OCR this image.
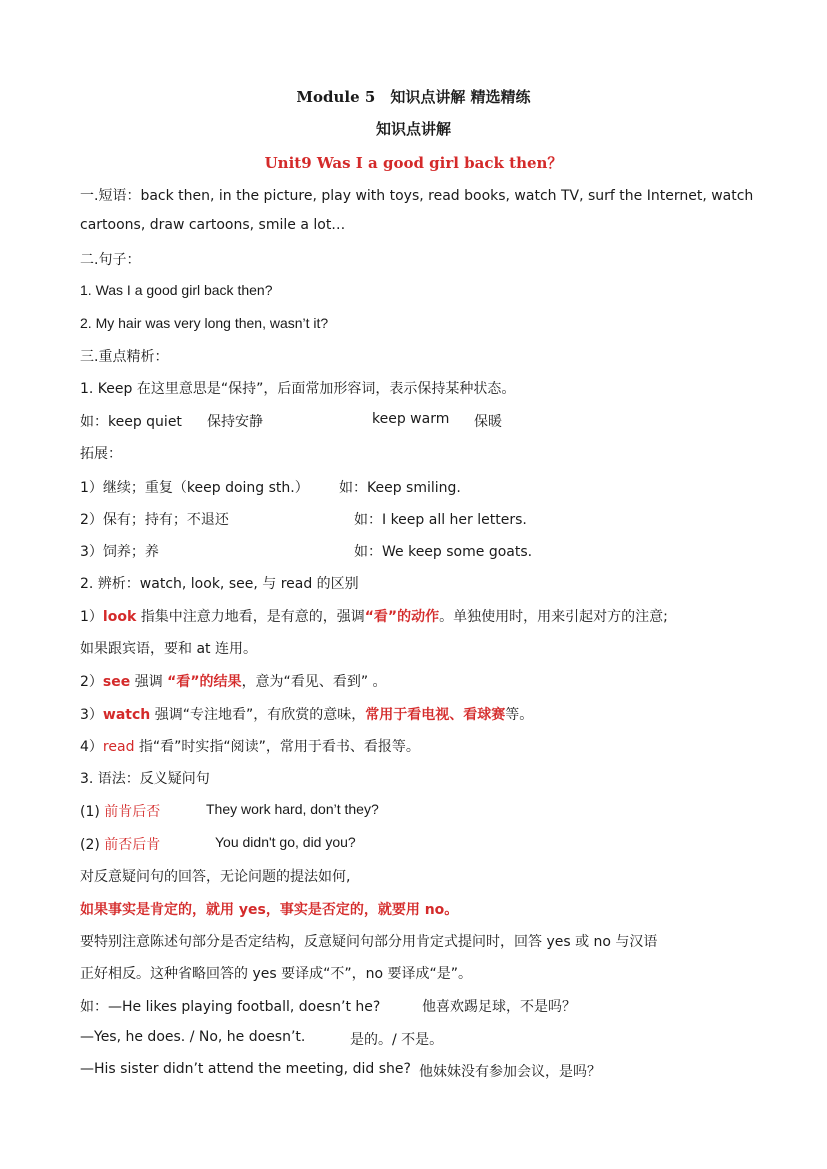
Module 5　知识点讲解 精选精练
知识点讲解
Unit9 Was I a good girl back then？
一.短语：back then, in the picture, play with toys, read books, watch TV, surf the Internet, watch
cartoons, draw cartoons, smile a lot…
二.句子：
1. Was I a good girl back then?
2. My hair was very long then, wasn’t it?
三.重点精析：
1. Keep 在这里意思是“保持”，后面常加形容词，表示保持某种状态。
如：keep quiet 保持安静	keep warm 保暖
拓展：
1）继续；重复（keep doing sth.） 如：Keep smiling.
2）保有；持有；不退还	如：I keep all her letters.
3）饲养；养	如：We keep some goats.
2. 辨析：watch, look, see, 与 read 的区别
1）look 指集中注意力地看，是有意的，强调“看”的动作。单独使用时，用来引起对方的注意;
如果跟宾语，要和 at 连用。
2）see 强调 “看”的结果，意为“看见、看到” 。
3）watch 强调“专注地看”，有欣赏的意味，常用于看电视、看球赛等。
4）read 指“看”时实指“阅读”，常用于看书、看报等。
3. 语法：反义疑问句
(1) 前肯后否	They work hard, don’t they?
(2) 前否后肯	You didn't go, did you?
对反意疑问句的回答，无论问题的提法如何,
如果事实是肯定的，就用 yes，事实是否定的，就要用 no。
要特别注意陈述句部分是否定结构，反意疑问句部分用肯定式提问时，回答 yes 或 no 与汉语
正好相反。这种省略回答的 yes 要译成“不”，no 要译成“是”。
如：—He likes playing football, doesn’t he?	他喜欢踢足球，不是吗？
—Yes, he does. / No, he doesn’t.	是的。/ 不是。
—His sister didn’t attend the meeting, did she? 他妹妹没有参加会议，是吗？
